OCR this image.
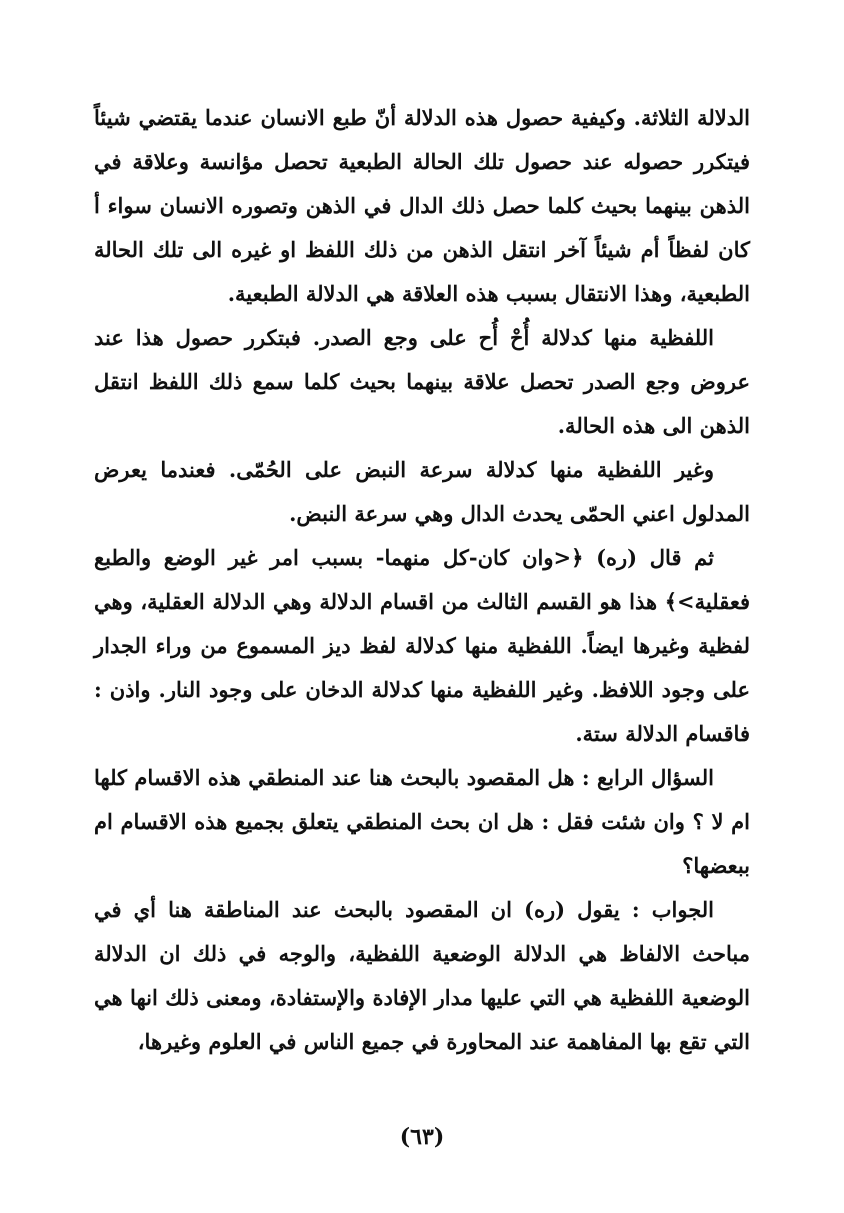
الدلالة الثلاثة. وكيفية حصول هذه الدلالة أنّ طبع الانسان عندما يقتضي شيئاً فيتكرر حصوله عند حصول تلك الحالة الطبعية تحصل مؤانسة وعلاقة في الذهن بينهما بحيث كلما حصل ذلك الدال في الذهن وتصوره الانسان سواء أ كان لفظاً أم شيئاً آخر انتقل الذهن من ذلك اللفظ او غيره الى تلك الحالة الطبعية، وهذا الانتقال بسبب هذه العلاقة هي الدلالة الطبعية.

اللفظية منها كدلالة أُحْ أُح على وجع الصدر. فبتكرر حصول هذا عند عروض وجع الصدر تحصل علاقة بينهما بحيث كلما سمع ذلك اللفظ انتقل الذهن الى هذه الحالة.

وغير اللفظية منها كدلالة سرعة النبض على الحُمّى. فعندما يعرض المدلول اعني الحمّى يحدث الدال وهي سرعة النبض.

ثم قال (ره) ﴿<وان كان-كل منهما- بسبب امر غير الوضع والطبع فعقلية>﴾ هذا هو القسم الثالث من اقسام الدلالة وهي الدلالة العقلية، وهي لفظية وغيرها ايضاً. اللفظية منها كدلالة لفظ ديز المسموع من وراء الجدار على وجود اللافظ. وغير اللفظية منها كدلالة الدخان على وجود النار. واذن : فاقسام الدلالة ستة.

السؤال الرابع : هل المقصود بالبحث هنا عند المنطقي هذه الاقسام كلها ام لا ؟ وان شئت فقل : هل ان بحث المنطقي يتعلق بجميع هذه الاقسام ام ببعضها؟

الجواب : يقول (ره) ان المقصود بالبحث عند المناطقة هنا أي في مباحث الالفاظ هي الدلالة الوضعية اللفظية، والوجه في ذلك ان الدلالة الوضعية اللفظية هي التي عليها مدار الإفادة والإستفادة، ومعنى ذلك انها هي التي تقع بها المفاهمة عند المحاورة في جميع الناس في العلوم وغيرها،

(٦٣)
